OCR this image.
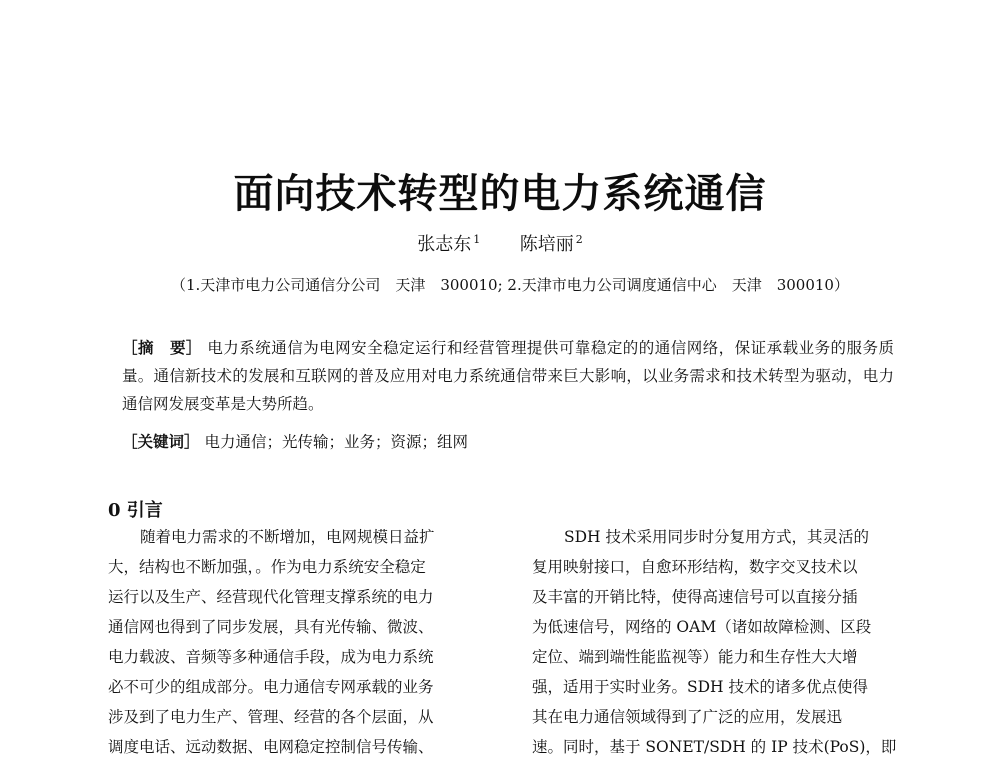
面向技术转型的电力系统通信
张志东 $^1$ 陈培丽 $^2$
（1.天津市电力公司通信分公司　天津　300010; 2.天津市电力公司调度通信中心　天津　300010）
［摘　要］ 电力系统通信为电网安全稳定运行和经营管理提供可靠稳定的的通信网络，保证承载业务的服务质量。通信新技术的发展和互联网的普及应用对电力系统通信带来巨大影响，以业务需求和技术转型为驱动，电力通信网发展变革是大势所趋。
［关键词］ 电力通信；光传输；业务；资源；组网
0 引言
随着电力需求的不断增加，电网规模日益扩
大，结构也不断加强，。作为电力系统安全稳定
运行以及生产、经营现代化管理支撑系统的电力
通信网也得到了同步发展，具有光传输、微波、
电力载波、音频等多种通信手段，成为电力系统
必不可少的组成部分。电力通信专网承载的业务
涉及到了电力生产、管理、经营的各个层面，从
调度电话、远动数据、电网稳定控制信号传输、
SDH 技术采用同步时分复用方式，其灵活的
复用映射接口，自愈环形结构，数字交叉技术以
及丰富的开销比特，使得高速信号可以直接分插
为低速信号，网络的 OAM（诸如故障检测、区段
定位、端到端性能监视等）能力和生存性大大增
强，适用于实时业务。SDH 技术的诸多优点使得
其在电力通信领域得到了广泛的应用，发展迅
速。同时，基于 SONET/SDH 的 IP 技术(PoS)，即
